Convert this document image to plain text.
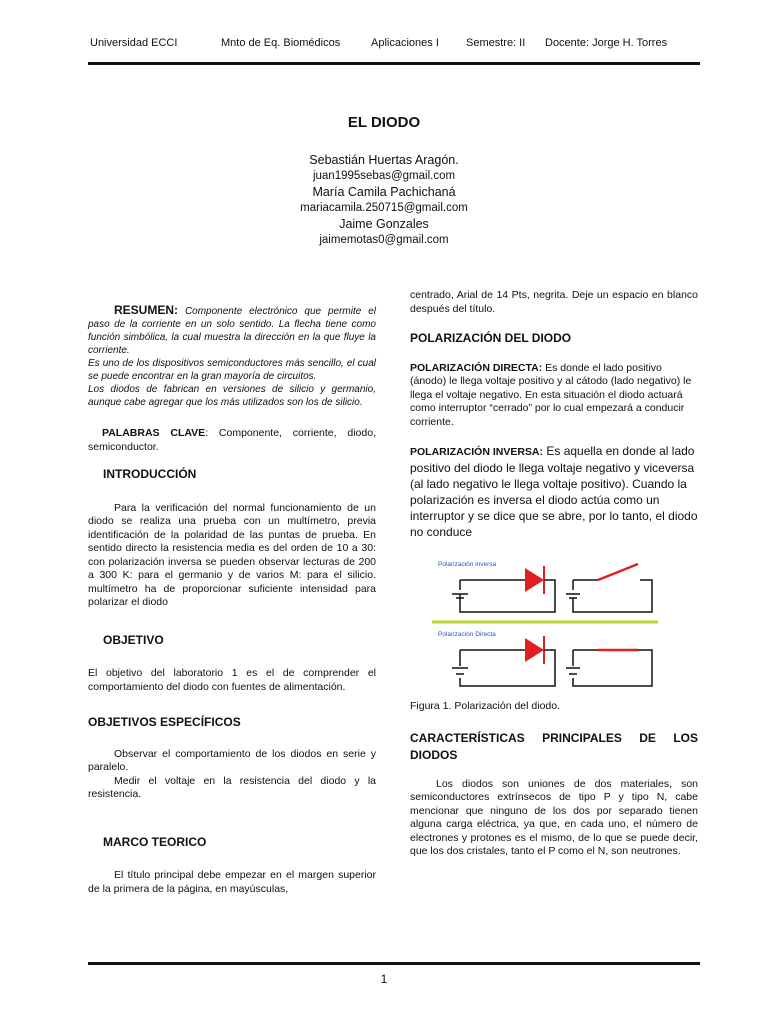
Universidad ECCI	Mnto de Eq. Biomédicos	Aplicaciones I Semestre: II Docente: Jorge H. Torres
EL DIODO
Sebastián Huertas Aragón.
juan1995sebas@gmail.com
María Camila Pachichaná
mariacamila.250715@gmail.com
Jaime Gonzales
jaimemotas0@gmail.com

RESUMEN: Componente electrónico que permite el paso de la corriente en un solo sentido. La flecha tiene como función simbólica, la cual muestra la dirección en la que fluye la corriente.

Es uno de los dispositivos semiconductores más sencillo, el cual se puede encontrar en la gran mayoría de circuitos.

Los diodos de fabrican en versiones de silicio y germanio, aunque cabe agregar que los más utilizados son los de silicio.

PALABRAS CLAVE: Componente, corriente, diodo, semiconductor.

INTRODUCCIÓN

Para la verificación del normal funcionamiento de un diodo se realiza una prueba con un multímetro, previa identificación de la polaridad de las puntas de prueba. En sentido directo la resistencia media es del orden de 10 a 30: con polarización inversa se pueden observar lecturas de 200 a 300 K: para el germanio y de varios M: para el silicio. multímetro ha de proporcionar suficiente intensidad para polarizar el diodo

OBJETIVO

El objetivo del laboratorio 1 es el de comprender el comportamiento del diodo con fuentes de alimentación.

OBJETIVOS ESPECÍFICOS

Observar el comportamiento de los diodos en serie y paralelo.

Medir el voltaje en la resistencia del diodo y la resistencia.

MARCO TEORICO

El título principal debe empezar en el margen superior de la primera de la página, en mayúsculas,

centrado, Arial de 14 Pts, negrita. Deje un espacio en blanco después del título.

POLARIZACIÓN DEL DIODO

POLARIZACIÓN DIRECTA: Es donde el lado positivo (ánodo) le llega voltaje positivo y al cátodo (lado negativo) le llega el voltaje negativo. En esta situación el diodo actuará como interruptor “cerrado” por lo cual empezará a conducir corriente.

POLARIZACIÓN INVERSA: Es aquella en donde al lado positivo del diodo le llega voltaje negativo y viceversa (al lado negativo le llega voltaje positivo). Cuando la polarización es inversa el diodo actúa como un interruptor y se dice que se abre, por lo tanto, el diodo no conduce

Polarización inversa
Polarización Directa

Figura 1. Polarización del diodo.

CARACTERÍSTICAS PRINCIPALES DE LOS DIODOS

Los diodos son uniones de dos materiales, son semiconductores extrínsecos de tipo P y tipo N, cabe mencionar que ninguno de los dos por separado tienen alguna carga eléctrica, ya que, en cada uno, el número de electrones y protones es el mismo, de lo que se puede decir, que los dos cristales, tanto el P como el N, son neutrones.

1
